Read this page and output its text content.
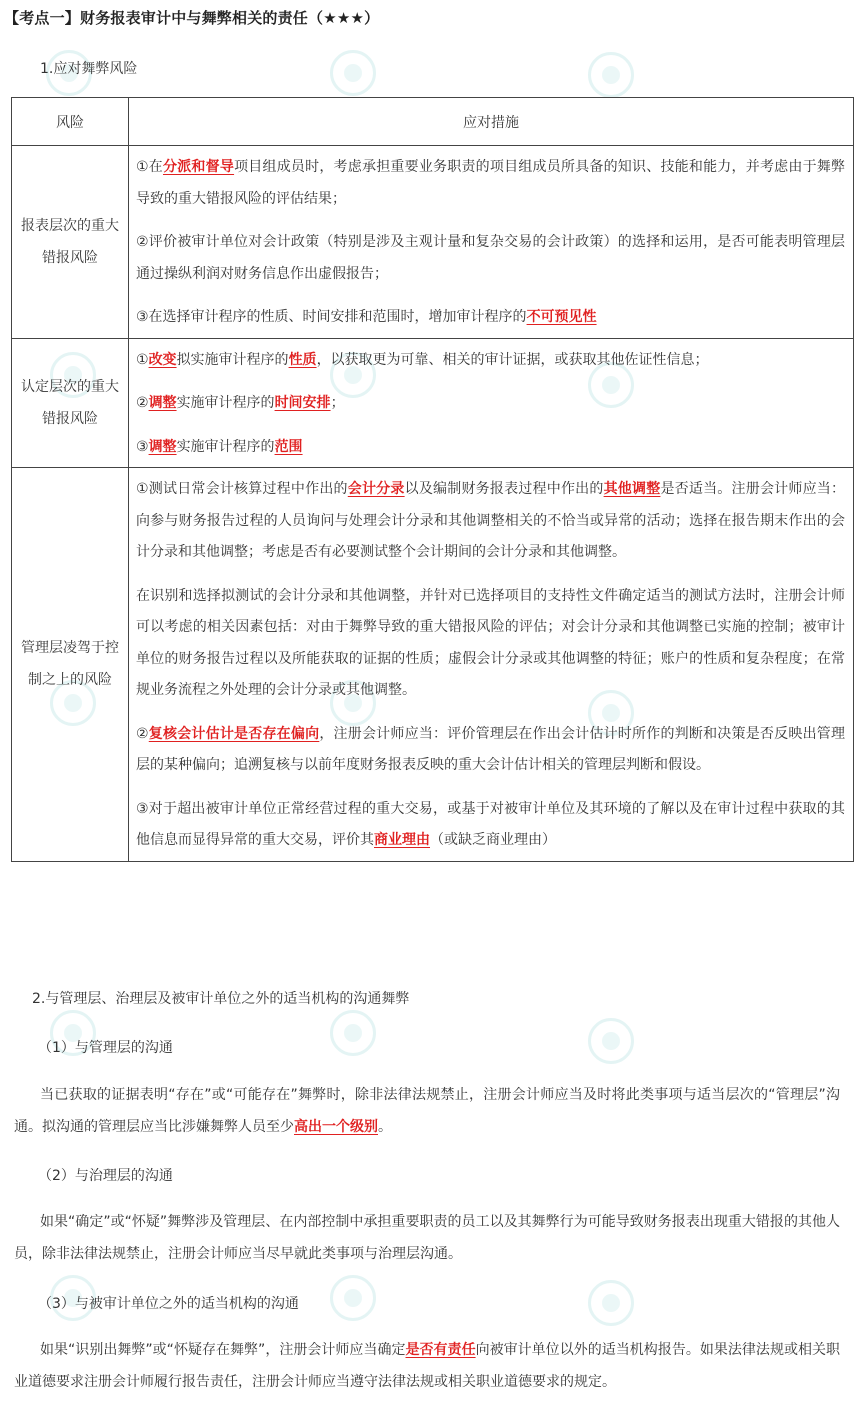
【考点一】财务报表审计中与舞弊相关的责任（★★★）
1.应对舞弊风险
风险	应对措施
报表层次的重大错报风险	①在分派和督导项目组成员时，考虑承担重要业务职责的项目组成员所具备的知识、技能和能力，并考虑由于舞弊导致的重大错报风险的评估结果；

②评价被审计单位对会计政策（特别是涉及主观计量和复杂交易的会计政策）的选择和运用，是否可能表明管理层通过操纵利润对财务信息作出虚假报告；

③在选择审计程序的性质、时间安排和范围时，增加审计程序的不可预见性

认定层次的重大错报风险	①改变拟实施审计程序的性质，以获取更为可靠、相关的审计证据，或获取其他佐证性信息；

②调整实施审计程序的时间安排；

③调整实施审计程序的范围

管理层凌驾于控制之上的风险	①测试日常会计核算过程中作出的会计分录以及编制财务报表过程中作出的其他调整是否适当。注册会计师应当：向参与财务报告过程的人员询问与处理会计分录和其他调整相关的不恰当或异常的活动；选择在报告期末作出的会计分录和其他调整；考虑是否有必要测试整个会计期间的会计分录和其他调整。

在识别和选择拟测试的会计分录和其他调整，并针对已选择项目的支持性文件确定适当的测试方法时，注册会计师可以考虑的相关因素包括：对由于舞弊导致的重大错报风险的评估；对会计分录和其他调整已实施的控制；被审计单位的财务报告过程以及所能获取的证据的性质；虚假会计分录或其他调整的特征；账户的性质和复杂程度；在常规业务流程之外处理的会计分录或其他调整。

②复核会计估计是否存在偏向，注册会计师应当：评价管理层在作出会计估计时所作的判断和决策是否反映出管理层的某种偏向；追溯复核与以前年度财务报表反映的重大会计估计相关的管理层判断和假设。

③对于超出被审计单位正常经营过程的重大交易，或基于对被审计单位及其环境的了解以及在审计过程中获取的其他信息而显得异常的重大交易，评价其商业理由（或缺乏商业理由）

2.与管理层、治理层及被审计单位之外的适当机构的沟通舞弊
（1）与管理层的沟通
当已获取的证据表明“存在”或“可能存在”舞弊时，除非法律法规禁止，注册会计师应当及时将此类事项与适当层次的“管理层”沟通。拟沟通的管理层应当比涉嫌舞弊人员至少高出一个级别。
（2）与治理层的沟通
如果“确定”或“怀疑”舞弊涉及管理层、在内部控制中承担重要职责的员工以及其舞弊行为可能导致财务报表出现重大错报的其他人员，除非法律法规禁止，注册会计师应当尽早就此类事项与治理层沟通。
（3）与被审计单位之外的适当机构的沟通
如果“识别出舞弊”或“怀疑存在舞弊”，注册会计师应当确定是否有责任向被审计单位以外的适当机构报告。如果法律法规或相关职业道德要求注册会计师履行报告责任，注册会计师应当遵守法律法规或相关职业道德要求的规定。
